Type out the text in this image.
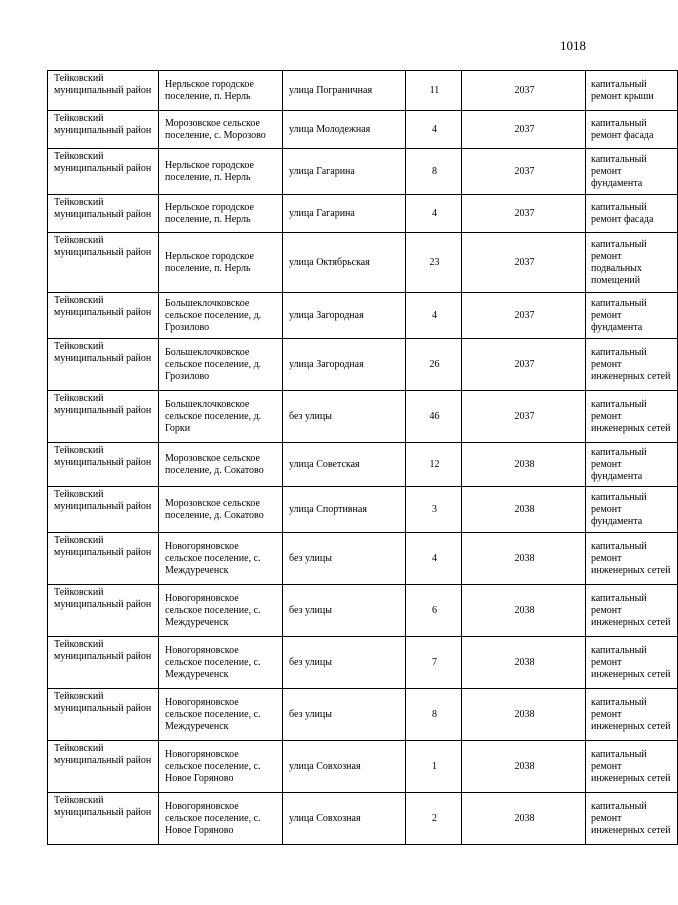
1018
Тейковский муниципальный район	Нерльское городское поселение, п. Нерль	улица Пограничная	11	2037	капитальный ремонт крыши
Тейковский муниципальный район	Морозовское сельское поселение, с. Морозово	улица Молодежная	4	2037	капитальный ремонт фасада
Тейковский муниципальный район	Нерльское городское поселение, п. Нерль	улица Гагарина	8	2037	капитальный ремонт фундамента
Тейковский муниципальный район	Нерльское городское поселение, п. Нерль	улица Гагарина	4	2037	капитальный ремонт фасада
Тейковский муниципальный район	Нерльское городское поселение, п. Нерль	улица Октябрьская	23	2037	капитальный ремонт подвальных помещений
Тейковский муниципальный район	Большеклочковское сельское поселение, д. Грозилово	улица Загородная	4	2037	капитальный ремонт фундамента
Тейковский муниципальный район	Большеклочковское сельское поселение, д. Грозилово	улица Загородная	26	2037	капитальный ремонт инженерных сетей
Тейковский муниципальный район	Большеклочковское сельское поселение, д. Горки	без улицы	46	2037	капитальный ремонт инженерных сетей
Тейковский муниципальный район	Морозовское сельское поселение, д. Сокатово	улица Советская	12	2038	капитальный ремонт фундамента
Тейковский муниципальный район	Морозовское сельское поселение, д. Сокатово	улица Спортивная	3	2038	капитальный ремонт фундамента
Тейковский муниципальный район	Новогоряновское сельское поселение, с. Междуреченск	без улицы	4	2038	капитальный ремонт инженерных сетей
Тейковский муниципальный район	Новогоряновское сельское поселение, с. Междуреченск	без улицы	6	2038	капитальный ремонт инженерных сетей
Тейковский муниципальный район	Новогоряновское сельское поселение, с. Междуреченск	без улицы	7	2038	капитальный ремонт инженерных сетей
Тейковский муниципальный район	Новогоряновское сельское поселение, с. Междуреченск	без улицы	8	2038	капитальный ремонт инженерных сетей
Тейковский муниципальный район	Новогоряновское сельское поселение, с. Новое Горяново	улица Совхозная	1	2038	капитальный ремонт инженерных сетей
Тейковский муниципальный район	Новогоряновское сельское поселение, с. Новое Горяново	улица Совхозная	2	2038	капитальный ремонт инженерных сетей
